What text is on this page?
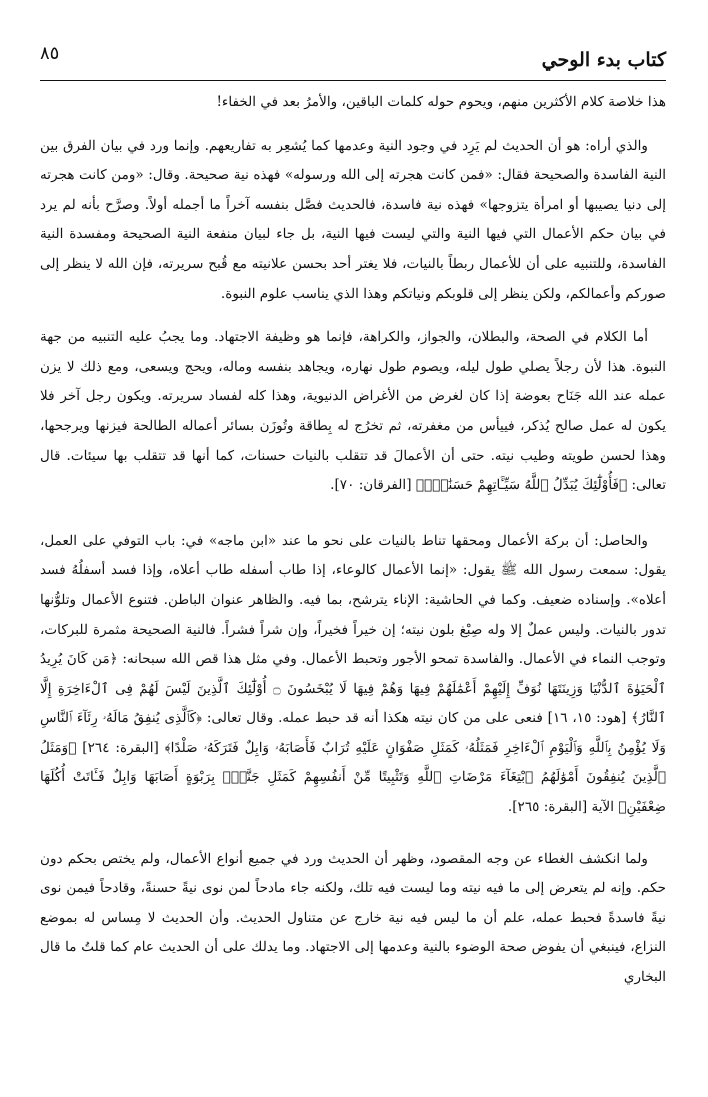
كتاب بدء الوحي
٨٥

هذا خلاصة كلام الأكثرين منهم، ويحوم حوله كلمات الباقين، والأمرُ بعد في الخفاء!

والذي أراه: هو أن الحديث لم يَرِد في وجود النية وعدمها كما يُشعِر به تفاريعهم. وإنما ورد في بيان الفرق بين النية الفاسدة والصحيحة فقال: «فمن كانت هجرته إلى الله ورسوله» فهذه نية صحيحة. وقال: «ومن كانت هجرته إلى دنيا يصيبها أو امرأة يتزوجها» فهذه نية فاسدة، فالحديث فصَّل بنفسه آخراً ما أجمله أولاً. وصرَّح بأنه لم يرد في بيان حكم الأعمال التي فيها النية والتي ليست فيها النية، بل جاء لبيان منفعة النية الصحيحة ومفسدة النية الفاسدة، وللتنبيه على أن للأعمال ربطاً بالنيات، فلا يغتر أحد بحسن علانيته مع قُبح سريرته، فإن الله لا ينظر إلى صوركم وأعمالكم، ولكن ينظر إلى قلوبكم ونياتكم وهذا الذي يناسب علوم النبوة.

أما الكلام في الصحة، والبطلان، والجواز، والكراهة، فإنما هو وظيفة الاجتهاد. وما يجبُ عليه التنبيه من جهة النبوة. هذا لأن رجلاً يصلي طول ليله، ويصوم طول نهاره، ويجاهد بنفسه وماله، ويحج ويسعى، ومع ذلك لا يزن عمله عند الله جَنَاح بعوضة إذا كان لغرض من الأغراض الدنيوية، وهذا كله لفساد سريرته. ويكون رجل آخر فلا يكون له عمل صالح يُذكر، فييأس من مغفرته، ثم تخرُج له بِطاقة وتُوزَن بسائر أعماله الطالحة فيزنها ويرجحها، وهذا لحسن طويته وطيب نيته. حتى أن الأعمالَ قد تتقلب بالنيات حسنات، كما أنها قد تتقلب بها سيئات. قال تعالى: ﴿فَأُوْلَٰٓئِكَ يُبَدِّلُ ٱللَّهُ سَيِّـَٔاتِهِمْ حَسَنَٰتٍۗ﴾ [الفرقان: ٧٠].

والحاصل: أن بركة الأعمال ومحقها تناط بالنيات على نحو ما عند «ابن ماجه» في: باب التوفي على العمل، يقول: سمعت رسول الله ﷺ يقول: «إنما الأعمال كالوعاء، إذا طاب أسفله طاب أعلاه، وإذا فسد أسفلُهُ فسد أعلاه». وإسناده ضعيف. وكما في الحاشية: الإناء يترشح، بما فيه. والظاهر عنوان الباطن. فتنوع الأعمال وتلوُّنها تدور بالنيات. وليس عملٌ إلا وله صِبْغ بلون نيته؛ إن خيراً فخيراً، وإن شراً فشراً. فالنية الصحيحة مثمرة للبركات، وتوجب النماء في الأعمال. والفاسدة تمحو الأجور وتحبط الأعمال. وفي مثل هذا قص الله سبحانه: ﴿مَن كَانَ يُرِيدُ ٱلْحَيَوٰةَ ٱلدُّنْيَا وَزِينَتَهَا نُوَفِّ إِلَيْهِمْ أَعْمَٰلَهُمْ فِيهَا وَهُمْ فِيهَا لَا يُبْخَسُونَ ۝ أُوْلَٰٓئِكَ ٱلَّذِينَ لَيْسَ لَهُمْ فِى ٱلْءَاخِرَةِ إِلَّا ٱلنَّارُ﴾ [هود: ١٥، ١٦] فنعى على من كان نيته هكذا أنه قد حبط عمله. وقال تعالى: ﴿كَٱلَّذِى يُنفِقُ مَالَهُۥ رِئَآءَ ٱلنَّاسِ وَلَا يُؤْمِنُ بِٱللَّهِ وَٱلْيَوْمِ ٱلْءَاخِرِ فَمَثَلُهُۥ كَمَثَلِ صَفْوَانٍ عَلَيْهِ تُرَابٌ فَأَصَابَهُۥ وَابِلٌ فَتَرَكَهُۥ صَلْدًا﴾ [البقرة: ٢٦٤] ﴿وَمَثَلُ ٱلَّذِينَ يُنفِقُونَ أَمْوَٰلَهُمُ ٱبْتِغَآءَ مَرْضَاتِ ٱللَّهِ وَتَثْبِيتًا مِّنْ أَنفُسِهِمْ كَمَثَلِ جَنَّةٍۭ بِرَبْوَةٍ أَصَابَهَا وَابِلٌ فَـَٔاتَتْ أُكُلَهَا ضِعْفَيْنِ﴾ الآية [البقرة: ٢٦٥].

ولما انكشف الغطاء عن وجه المقصود، وظهر أن الحديث ورد في جميع أنواع الأعمال، ولم يختص بحكم دون حكم. وإنه لم يتعرض إلى ما فيه نيته وما ليست فيه تلك، ولكنه جاء مادحاً لمن نوى نيةً حسنةً، وقادحاً فيمن نوى نيةً فاسدةً فحبط عمله، علم أن ما ليس فيه نية خارج عن متناول الحديث. وأن الحديث لا مِساس له بموضع النزاع، فينبغي أن يفوض صحة الوضوء بالنية وعدمها إلى الاجتهاد. وما يدلك على أن الحديث عام كما قلتُ ما قال البخاري
